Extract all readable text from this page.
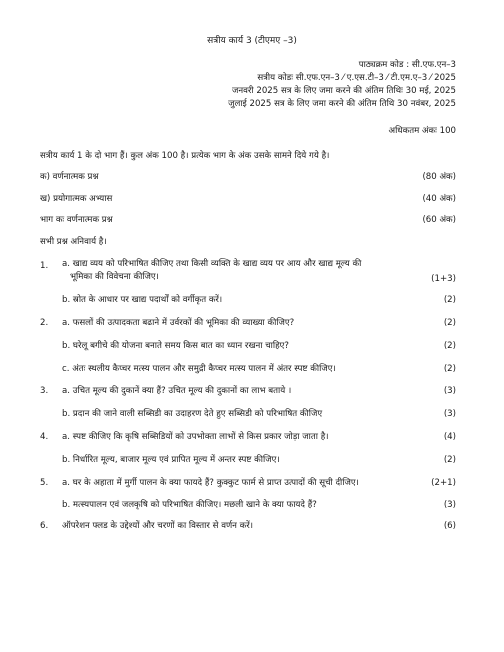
सत्रीय कार्य 3 (टीएमए –3)
पाठ्यक्रम कोड : सी.एफ.एन–3
सत्रीय कोडः सी.एफ.एन–3 ⁄ ए.एस.टी–3 ⁄ टी.एम.ए–3 ⁄ 2025
जनवरी 2025 सत्र के लिए जमा करने की अंतिम तिथिः 30 मई, 2025
जुलाई 2025 सत्र के लिए जमा करने की अंतिम तिथि 30 नवंबर, 2025
अधिकतम अंकः 100
सत्रीय कार्य 1 के दो भाग हैं। कुल अंक 100 है। प्रत्येक भाग के अंक उसके सामने दिये गये है।
क) वर्णनात्मक प्रश्न	(80 अंक)
ख) प्रयोगात्मक अभ्यास	(40 अंक)
भाग कः वर्णनात्मक प्रश्न	(60 अंक)
सभी प्रश्न अनिवार्य है।
1. a. खाद्य व्यय को परिभाषित कीजिए तथा किसी व्यक्ति के खाद्य व्यय पर आय और खाद्य मूल्य की
भूमिका की विवेचना कीजिए।	(1+3)
b. स्रोत के आधार पर खाद्य पदार्थों को वर्गीकृत करें।	(2)
2. a. फसलों की उत्पादकता बढाने में उर्वरकों की भूमिका की व्याख्या कीजिए?	(2)
b. घरेलू बगीचे की योजना बनाते समय किस बात का ध्यान रखना चाहिए?	(2)
c. अंतः स्थलीय कैप्चर मत्स्य पालन और समुद्री कैप्चर मत्स्य पालन में अंतर स्पष्ट कीजिए।	(2)
3. a. उचित मूल्य की दुकानें क्या हैं? उचित मूल्य की दुकानों का लाभ बताये ।	(3)
b. प्रदान की जाने वाली सब्सिडी का उदाहरण देते हुए सब्सिडी को परिभाषित कीजिए	(3)
4. a. स्पष्ट कीजिए कि कृषि सब्सिडियों को उपभोक्ता लाभों से किस प्रकार जोड़ा जाता है।	(4)
b. निर्धारित मूल्य, बाजार मूल्य एवं प्रापित मूल्य में अन्तर स्पष्ट कीजिए।	(2)
5. a. घर के अहाता में मुर्गी पालन के क्या फायदे हैं? कुक्कुट फार्म से प्राप्त उत्पादों की सूची दीजिए।	(2+1)
b. मत्स्यपालन एवं जलकृषि को परिभाषित कीजिए। मछली खाने के क्या फायदे हैं?	(3)
6. ऑपरेशन फ्लड के उद्देश्यों और चरणों का विस्तार से वर्णन करें।	(6)
